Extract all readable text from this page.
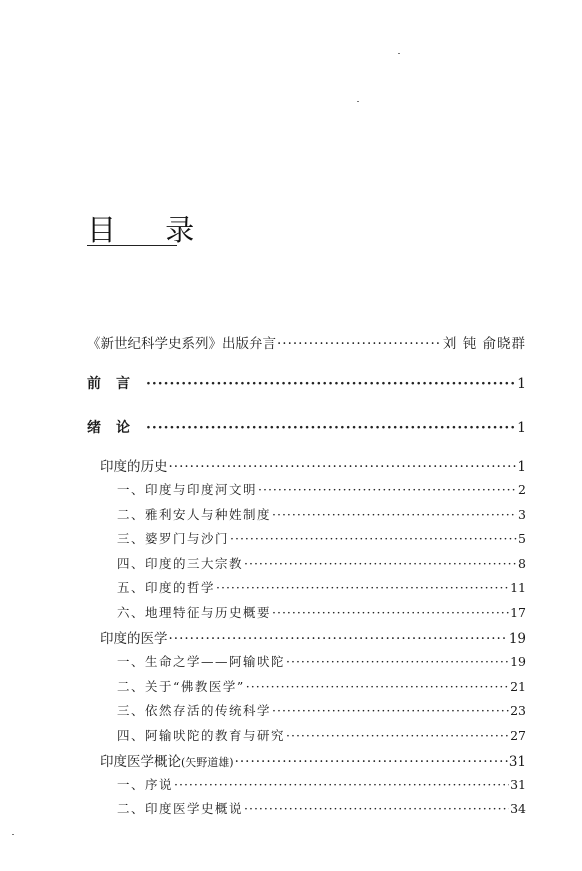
目 录
《新世纪科学史系列》出版弁言 ·····	刘 钝 俞晓群
前言 ·····	1
绪论 ·····	1
印度的历史 ·····	1
一、印度与印度河文明 ·····	2
二、雅利安人与种姓制度 ·····	3
三、婆罗门与沙门 ·····	5
四、印度的三大宗教 ·····	8
五、印度的哲学 ·····	11
六、地理特征与历史概要 ·····	17
印度的医学 ·····	19
一、生命之学——阿输吠陀 ·····	19
二、关于“佛教医学” ·····	21
三、依然存活的传统科学 ·····	23
四、阿输吠陀的教育与研究 ·····	27
印度医学概论 (矢野道雄) ·····	31
一、序说 ·····	31
二、印度医学史概说 ·····	34
